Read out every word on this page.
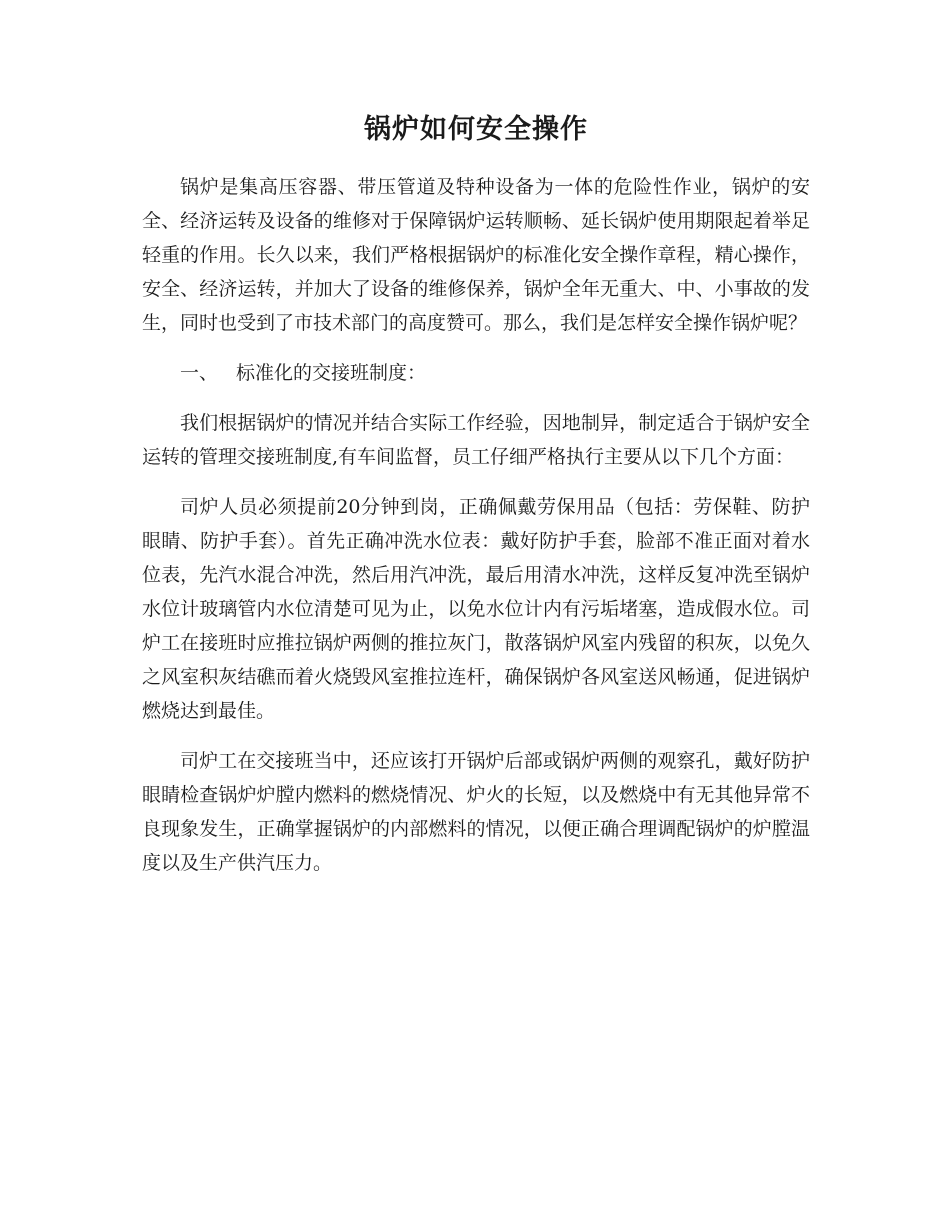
锅炉如何安全操作

锅炉是集高压容器、带压管道及特种设备为一体的危险性作业，锅炉的安全、经济运转及设备的维修对于保障锅炉运转顺畅、延长锅炉使用期限起着举足轻重的作用。长久以来，我们严格根据锅炉的标准化安全操作章程，精心操作，安全、经济运转，并加大了设备的维修保养，锅炉全年无重大、中、小事故的发生，同时也受到了市技术部门的高度赞可。那么，我们是怎样安全操作锅炉呢？

一、 标准化的交接班制度：

我们根据锅炉的情况并结合实际工作经验，因地制异，制定适合于锅炉安全运转的管理交接班制度,有车间监督，员工仔细严格执行主要从以下几个方面：

司炉人员必须提前20分钟到岗，正确佩戴劳保用品（包括：劳保鞋、防护眼睛、防护手套）。首先正确冲洗水位表：戴好防护手套，脸部不准正面对着水位表，先汽水混合冲洗，然后用汽冲洗，最后用清水冲洗，这样反复冲洗至锅炉水位计玻璃管内水位清楚可见为止，以免水位计内有污垢堵塞，造成假水位。司炉工在接班时应推拉锅炉两侧的推拉灰门，散落锅炉风室内残留的积灰，以免久之风室积灰结礁而着火烧毁风室推拉连杆，确保锅炉各风室送风畅通，促进锅炉燃烧达到最佳。

司炉工在交接班当中，还应该打开锅炉后部或锅炉两侧的观察孔，戴好防护眼睛检查锅炉炉膛内燃料的燃烧情况、炉火的长短，以及燃烧中有无其他异常不良现象发生，正确掌握锅炉的内部燃料的情况，以便正确合理调配锅炉的炉膛温度以及生产供汽压力。
